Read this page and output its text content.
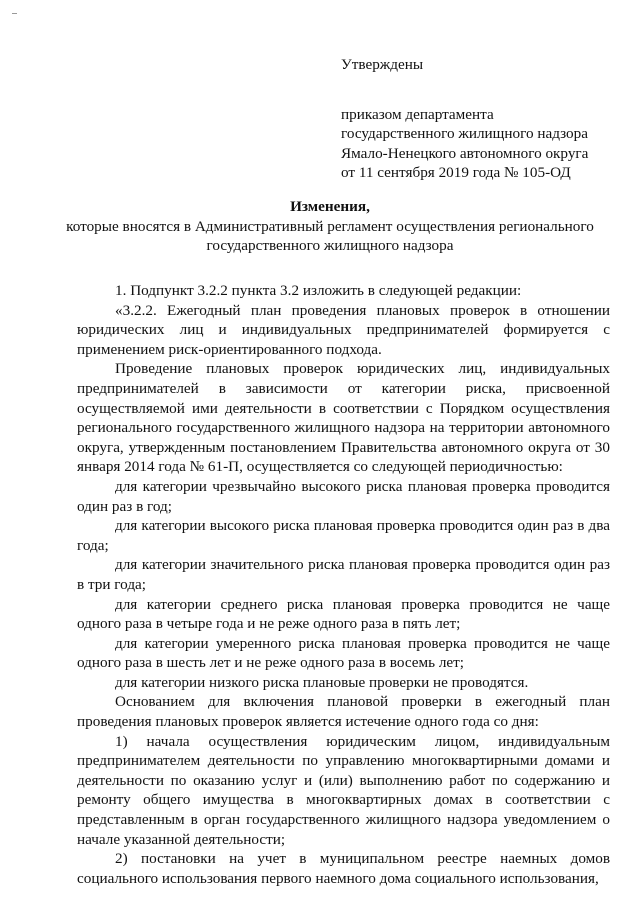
Утверждены
приказом департамента
государственного жилищного надзора
Ямало-Ненецкого автономного округа
от 11 сентября 2019 года № 105-ОД
Изменения,
которые вносятся в Административный регламент осуществления регионального государственного жилищного надзора

1. Подпункт 3.2.2 пункта 3.2 изложить в следующей редакции:

«3.2.2. Ежегодный план проведения плановых проверок в отношении юридических лиц и индивидуальных предпринимателей формируется с применением риск-ориентированного подхода.

Проведение плановых проверок юридических лиц, индивидуальных предпринимателей в зависимости от категории риска, присвоенной осуществляемой ими деятельности в соответствии с Порядком осуществления регионального государственного жилищного надзора на территории автономного округа, утвержденным постановлением Правительства автономного округа от 30 января 2014 года № 61-П, осуществляется со следующей периодичностью:

для категории чрезвычайно высокого риска плановая проверка проводится один раз в год;

для категории высокого риска плановая проверка проводится один раз в два года;

для категории значительного риска плановая проверка проводится один раз в три года;

для категории среднего риска плановая проверка проводится не чаще одного раза в четыре года и не реже одного раза в пять лет;

для категории умеренного риска плановая проверка проводится не чаще одного раза в шесть лет и не реже одного раза в восемь лет;

для категории низкого риска плановые проверки не проводятся.

Основанием для включения плановой проверки в ежегодный план проведения плановых проверок является истечение одного года со дня:

1) начала осуществления юридическим лицом, индивидуальным предпринимателем деятельности по управлению многоквартирными домами и деятельности по оказанию услуг и (или) выполнению работ по содержанию и ремонту общего имущества в многоквартирных домах в соответствии с представленным в орган государственного жилищного надзора уведомлением о начале указанной деятельности;

2) постановки на учет в муниципальном реестре наемных домов социального использования первого наемного дома социального использования,
